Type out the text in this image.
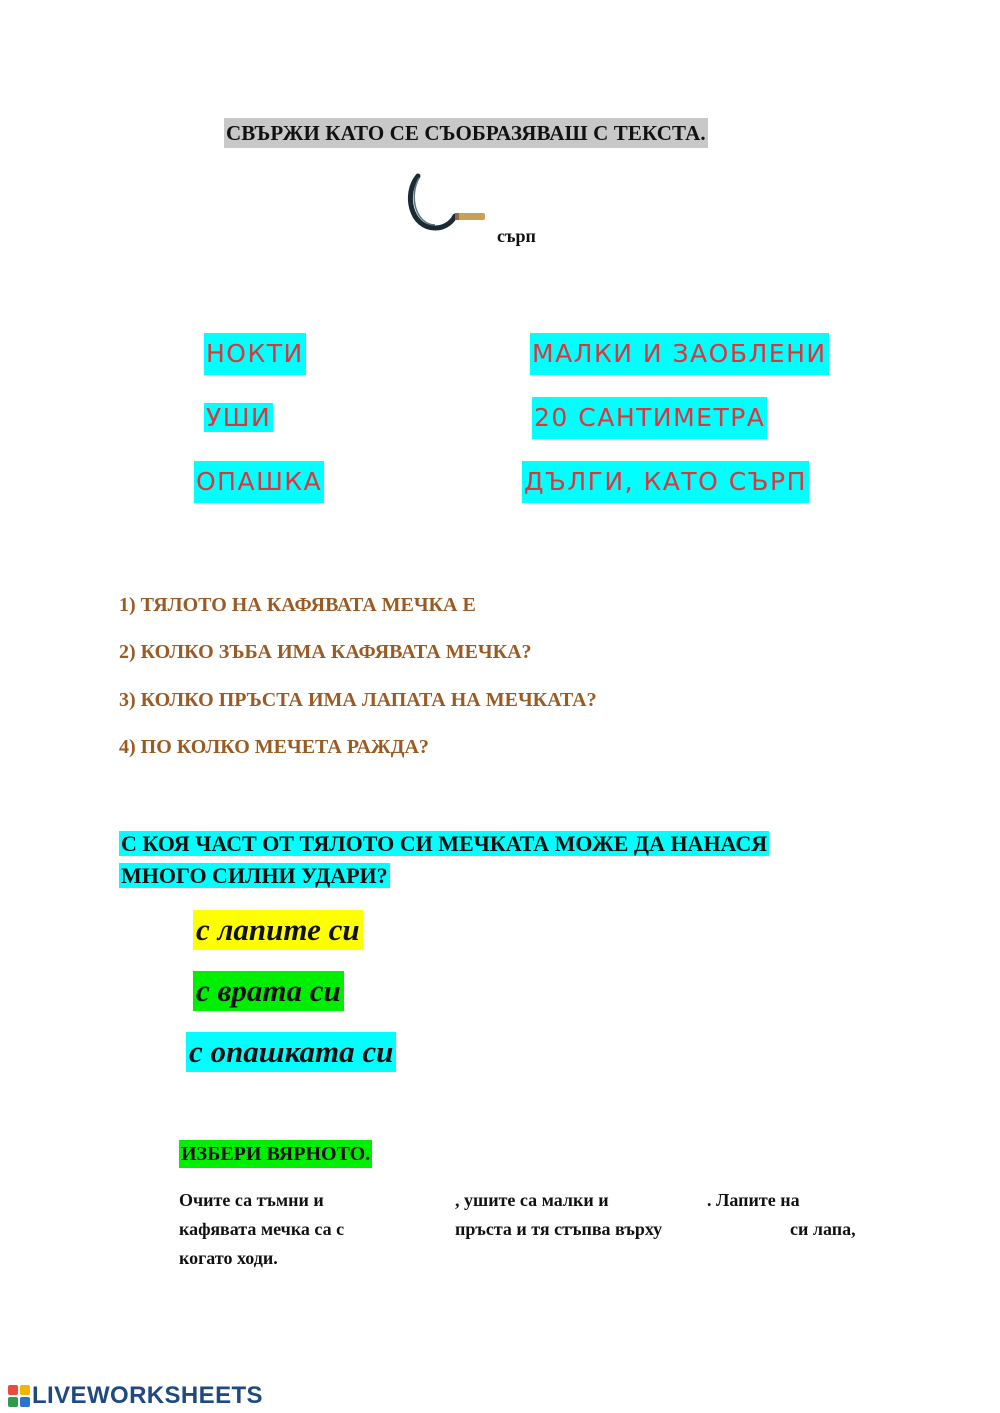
СВЪРЖИ КАТО СЕ СЪОБРАЗЯВАШ С ТЕКСТА.
сърп
НОКТИ
УШИ
ОПАШКА
МАЛКИ И ЗАОБЛЕНИ
20 САНТИМЕТРА
ДЪЛГИ, КАТО СЪРП
1) ТЯЛОТО НА КАФЯВАТА МЕЧКА Е
2) КОЛКО ЗЪБА ИМА КАФЯВАТА МЕЧКА?
3) КОЛКО ПРЪСТА ИМА ЛАПАТА НА МЕЧКАТА?
4) ПО КОЛКО МЕЧЕТА РАЖДА?
С КОЯ ЧАСТ ОТ ТЯЛОТО СИ МЕЧКАТА МОЖЕ ДА НАНАСЯ
МНОГО СИЛНИ УДАРИ?
с лапите си
с врата си
с опашката си
ИЗБЕРИ ВЯРНОТО.
Очите са тъмни и	, ушите са малки и	. Лапите на
кафявата мечка са с	пръста и тя стъпва върху	си лапа,
когато ходи.
LIVEWORKSHEETS
